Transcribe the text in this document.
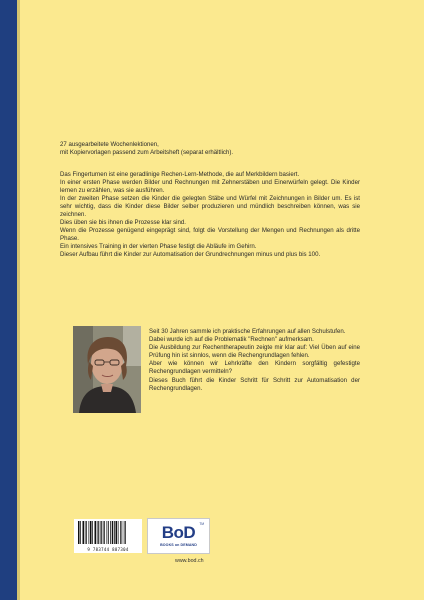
27 ausgearbeitete Wochenlektionen,

mit Kopiervorlagen passend zum Arbeitsheft (separat erhältlich).

Das Fingerturnen ist eine geradlinige Rechen-Lern-Methode, die auf Merkbildern basiert.

In einer ersten Phase werden Bilder und Rechnungen mit Zehnerstäben und Einerwürfeln gelegt. Die Kinder lernen zu erzählen, was sie ausführen.

In der zweiten Phase setzen die Kinder die gelegten Stäbe und Würfel mit Zeichnungen in Bilder um. Es ist sehr wichtig, dass die Kinder diese Bilder selber produzieren und mündlich beschreiben können, was sie zeichnen.

Dies üben sie bis ihnen die Prozesse klar sind.

Wenn die Prozesse genügend eingeprägt sind, folgt die Vorstellung der Mengen und Rechnungen als dritte Phase.

Ein intensives Training in der vierten Phase festigt die Abläufe im Gehirn.

Dieser Aufbau führt die Kinder zur Automatisation der Grundrechnungen minus und plus bis 100.

Seit 30 Jahren sammle ich praktische Erfahrungen auf allen Schulstufen.

Dabei wurde ich auf die Problematik "Rechnen" aufmerksam.

Die Ausbildung zur Rechentherapeutin zeigte mir klar auf: Viel Üben auf eine Prüfung hin ist sinnlos, wenn die Rechengrundlagen fehlen.

Aber wie können wir Lehrkräfte den Kindern sorgfältig gefestigte Rechengrundlagen vermitteln?

Dieses Buch führt die Kinder Schritt für Schritt zur Automatisation der Rechengrundlagen.

9 783744 887304
BoD	TM
BOOKS on DEMAND
www.bod.ch
